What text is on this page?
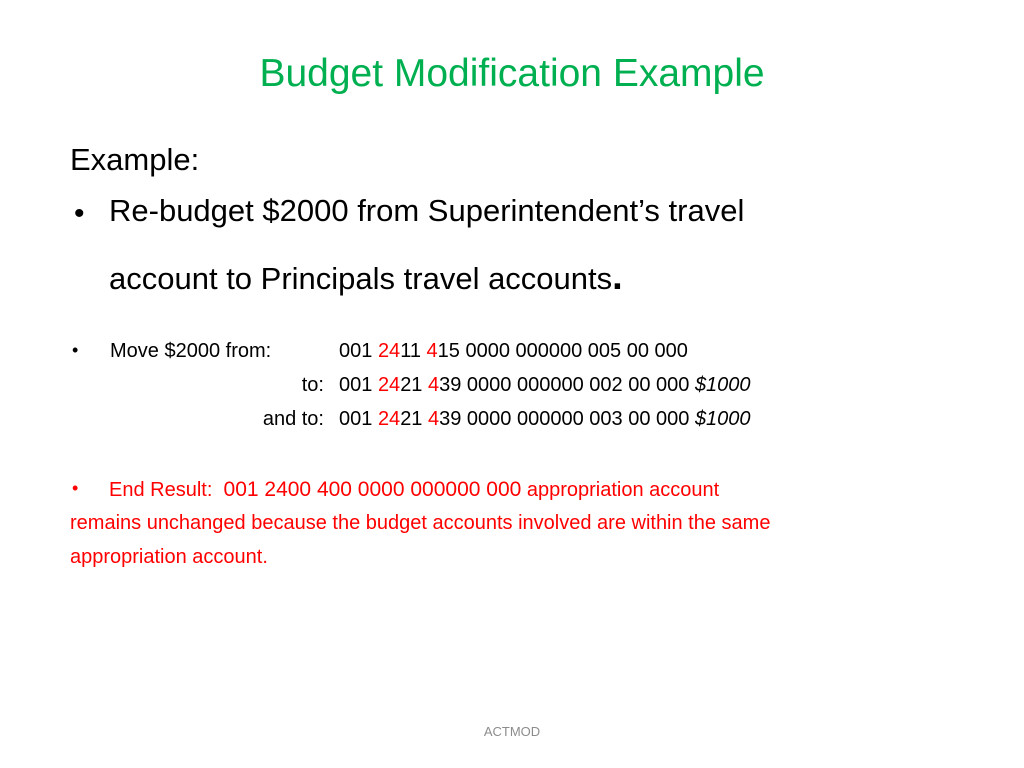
Budget Modification Example
Example:
• Re-budget $2000 from Superintendent’s travel
account to Principals travel accounts.
• Move $2000 from:	001 2411 415 0000 000000 005 00 000
to: 001 2421 439 0000 000000 002 00 000 $1000
and to: 001 2421 439 0000 000000 003 00 000 $1000
• End Result: 001 2400 400 0000 000000 000 appropriation account
remains unchanged because the budget accounts involved are within the same
appropriation account.
ACTMOD
